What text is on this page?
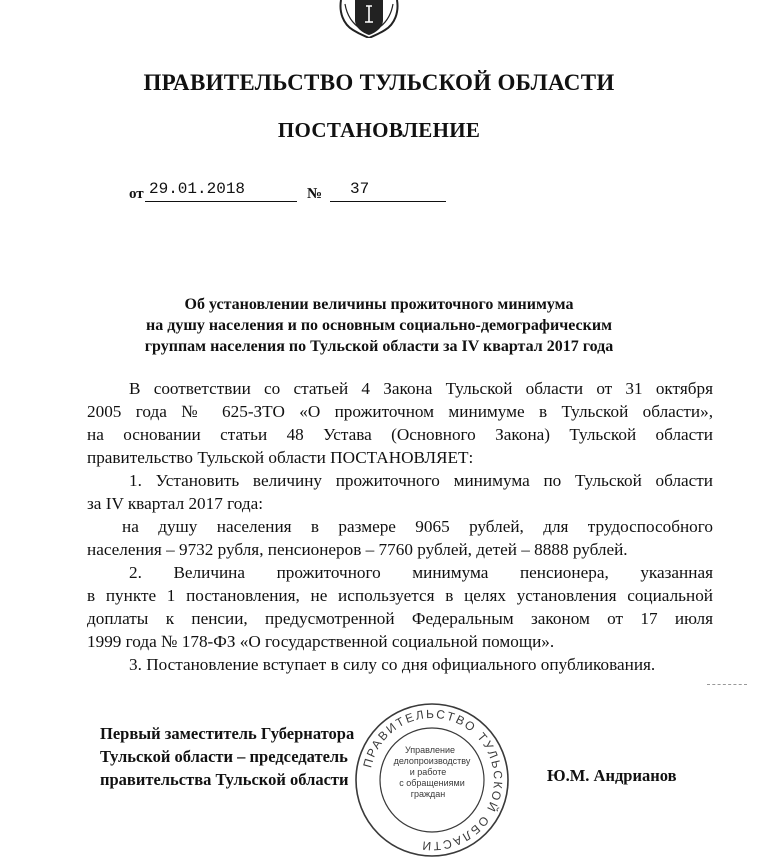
ПРАВИТЕЛЬСТВО ТУЛЬСКОЙ ОБЛАСТИ
ПОСТАНОВЛЕНИЕ
от 29.01.2018	№	37
Об установлении величины прожиточного минимума
на душу населения и по основным социально-демографическим
группам населения по Тульской области за IV квартал 2017 года

В соответствии со статьей 4 Закона Тульской области от 31 октября

2005 года № 625-ЗТО «О прожиточном минимуме в Тульской области»,

на основании статьи 48 Устава (Основного Закона) Тульской области

правительство Тульской области ПОСТАНОВЛЯЕТ:

1. Установить величину прожиточного минимума по Тульской области

за IV квартал 2017 года:

на душу населения в размере 9065 рублей, для трудоспособного

населения – 9732 рубля, пенсионеров – 7760 рублей, детей – 8888 рублей.

2. Величина прожиточного минимума пенсионера, указанная

в пункте 1 постановления, не используется в целях установления социальной

доплаты к пенсии, предусмотренной Федеральным законом от 17 июля

1999 года № 178-ФЗ «О государственной социальной помощи».

3. Постановление вступает в силу со дня официального опубликования.

Первый заместитель Губернатора
Тульской области – председатель
правительства Тульской области
ПРАВИТЕЛЬСТВО ТУЛЬСКОЙ ОБЛАСТИ
Управление
делопроизводству
и работе
с обращениями
граждан
Ю.М. Андрианов
